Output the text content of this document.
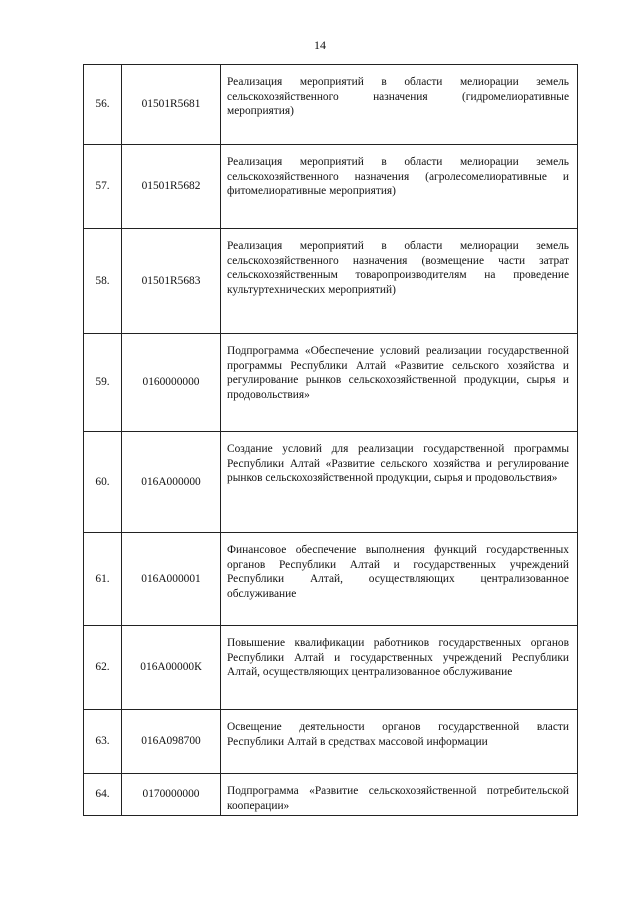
14
56.	01501R5681	Реализация мероприятий в области мелиорации земель сельскохозяйственного назначения (гидромелиоративные мероприятия)
57.	01501R5682	Реализация мероприятий в области мелиорации земель сельскохозяйственного назначения (агролесомелиоративные и фитомелиоративные мероприятия)
58.	01501R5683	Реализация мероприятий в области мелиорации земель сельскохозяйственного назначения (возмещение части затрат сельскохозяйственным товаропроизводителям на проведение культуртехнических мероприятий)
59.	0160000000	Подпрограмма «Обеспечение условий реализации государственной программы Республики Алтай «Развитие сельского хозяйства и регулирование рынков сельскохозяйственной продукции, сырья и продовольствия»
60.	016A000000	Создание условий для реализации государственной программы Республики Алтай «Развитие сельского хозяйства и регулирование рынков сельскохозяйственной продукции, сырья и продовольствия»
61.	016A000001	Финансовое обеспечение выполнения функций государственных органов Республики Алтай и государственных учреждений Республики Алтай, осуществляющих централизованное обслуживание
62.	016A00000К	Повышение квалификации работников государственных органов Республики Алтай и государственных учреждений Республики Алтай, осуществляющих централизованное обслуживание
63.	016A098700	Освещение деятельности органов государственной власти Республики Алтай в средствах массовой информации
64.	0170000000	Подпрограмма «Развитие сельскохозяйственной потребительской кооперации»
